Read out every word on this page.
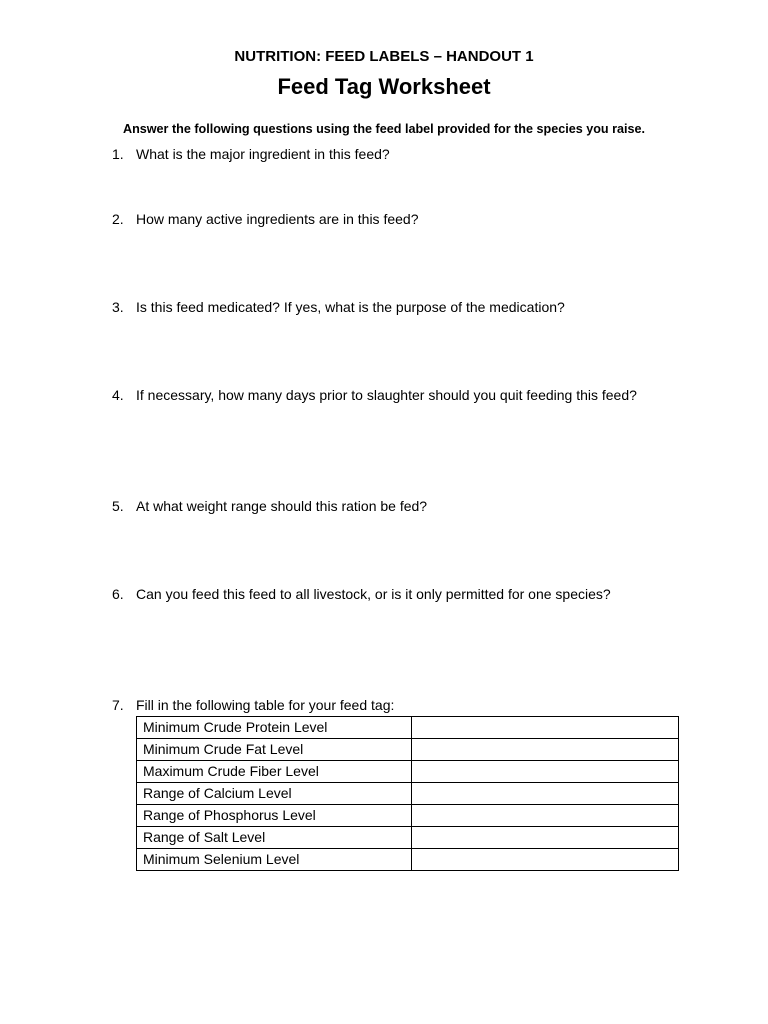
NUTRITION: FEED LABELS – HANDOUT 1
Feed Tag Worksheet
Answer the following questions using the feed label provided for the species you raise.
1. What is the major ingredient in this feed?
2. How many active ingredients are in this feed?
3. Is this feed medicated? If yes, what is the purpose of the medication?
4. If necessary, how many days prior to slaughter should you quit feeding this feed?
5. At what weight range should this ration be fed?
6. Can you feed this feed to all livestock, or is it only permitted for one species?
7. Fill in the following table for your feed tag:
Minimum Crude Protein Level	
Minimum Crude Fat Level	
Maximum Crude Fiber Level	
Range of Calcium Level	
Range of Phosphorus Level	
Range of Salt Level	
Minimum Selenium Level	
